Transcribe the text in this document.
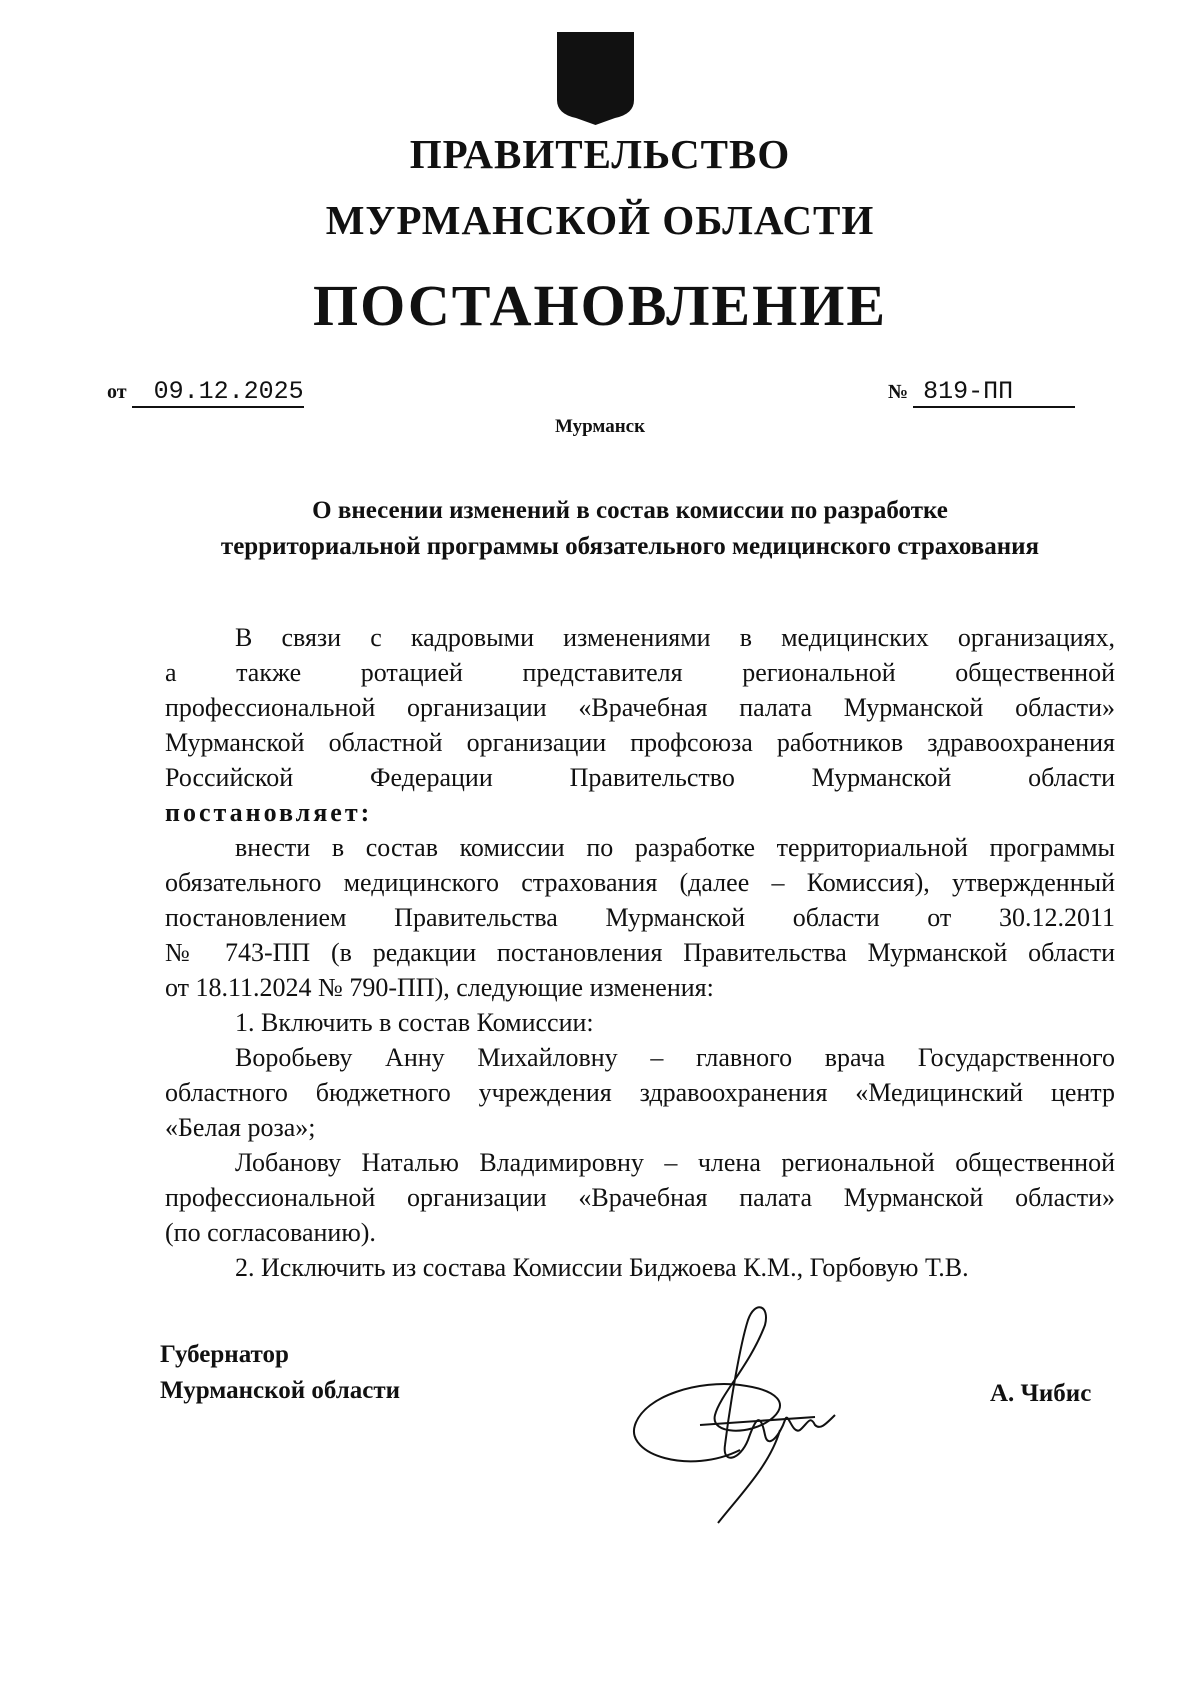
ПРАВИТЕЛЬСТВО
МУРМАНСКОЙ ОБЛАСТИ
ПОСТАНОВЛЕНИЕ
от 09.12.2025	№ 819-ПП
Мурманск
О внесении изменений в состав комиссии по разработке
территориальной программы обязательного медицинского страхования
В связи с кадровыми изменениями в медицинских организациях,
а также ротацией представителя региональной общественной
профессиональной организации «Врачебная палата Мурманской области»
Мурманской областной организации профсоюза работников здравоохранения
Российской Федерации Правительство Мурманской области
постановляет:
внести в состав комиссии по разработке территориальной программы
обязательного медицинского страхования (далее – Комиссия), утвержденный
постановлением Правительства Мурманской области от 30.12.2011
№ 743-ПП (в редакции постановления Правительства Мурманской области
от 18.11.2024 № 790-ПП), следующие изменения:
1. Включить в состав Комиссии:
Воробьеву Анну Михайловну – главного врача Государственного
областного бюджетного учреждения здравоохранения «Медицинский центр
«Белая роза»;
Лобанову Наталью Владимировну – члена региональной общественной
профессиональной организации «Врачебная палата Мурманской области»
(по согласованию).
2. Исключить из состава Комиссии Биджоева К.М., Горбовую Т.В.
Губернатор
Мурманской области	А. Чибис
